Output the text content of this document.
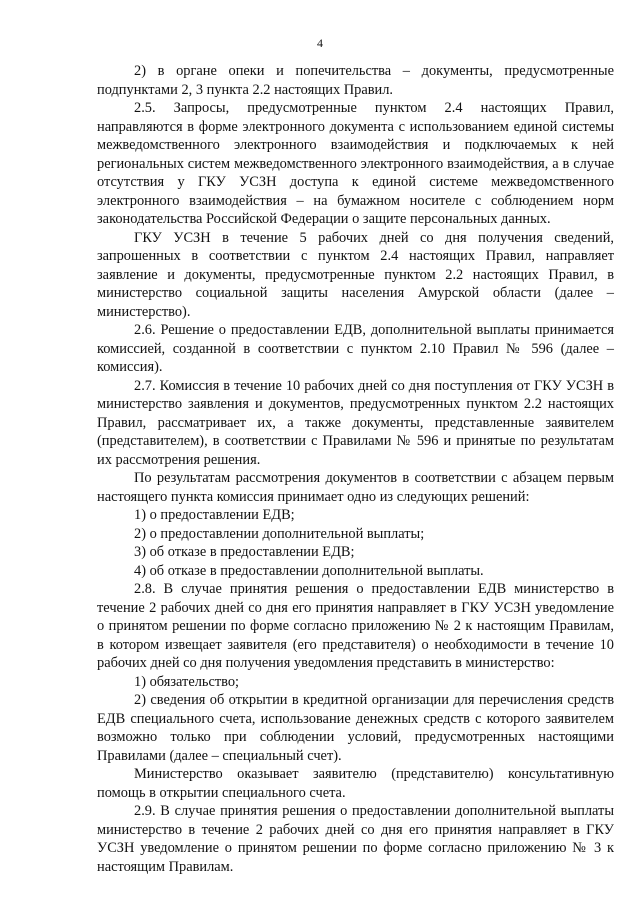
4

2) в органе опеки и попечительства – документы, предусмотренные подпунктами 2, 3 пункта 2.2 настоящих Правил.

2.5. Запросы, предусмотренные пунктом 2.4 настоящих Правил, направляются в форме электронного документа с использованием единой системы межведомственного электронного взаимодействия и подключаемых к ней региональных систем межведомственного электронного взаимодействия, а в случае отсутствия у ГКУ УСЗН доступа к единой системе межведомственного электронного взаимодействия – на бумажном носителе с соблюдением норм законодательства Российской Федерации о защите персональных данных.

ГКУ УСЗН в течение 5 рабочих дней со дня получения сведений, запрошенных в соответствии с пунктом 2.4 настоящих Правил, направляет заявление и документы, предусмотренные пунктом 2.2 настоящих Правил, в министерство социальной защиты населения Амурской области (далее – министерство).

2.6. Решение о предоставлении ЕДВ, дополнительной выплаты принимается комиссией, созданной в соответствии с пунктом 2.10 Правил № 596 (далее – комиссия).

2.7. Комиссия в течение 10 рабочих дней со дня поступления от ГКУ УСЗН в министерство заявления и документов, предусмотренных пунктом 2.2 настоящих Правил, рассматривает их, а также документы, представленные заявителем (представителем), в соответствии с Правилами № 596 и принятые по результатам их рассмотрения решения.

По результатам рассмотрения документов в соответствии с абзацем первым настоящего пункта комиссия принимает одно из следующих решений:

1) о предоставлении ЕДВ;

2) о предоставлении дополнительной выплаты;

3) об отказе в предоставлении ЕДВ;

4) об отказе в предоставлении дополнительной выплаты.

2.8. В случае принятия решения о предоставлении ЕДВ министерство в течение 2 рабочих дней со дня его принятия направляет в ГКУ УСЗН уведомление о принятом решении по форме согласно приложению № 2 к настоящим Правилам, в котором извещает заявителя (его представителя) о необходимости в течение 10 рабочих дней со дня получения уведомления представить в министерство:

1) обязательство;

2) сведения об открытии в кредитной организации для перечисления средств ЕДВ специального счета, использование денежных средств с которого заявителем возможно только при соблюдении условий, предусмотренных настоящими Правилами (далее – специальный счет).

Министерство оказывает заявителю (представителю) консультативную помощь в открытии специального счета.

2.9. В случае принятия решения о предоставлении дополнительной выплаты министерство в течение 2 рабочих дней со дня его принятия направляет в ГКУ УСЗН уведомление о принятом решении по форме согласно приложению № 3 к настоящим Правилам.
